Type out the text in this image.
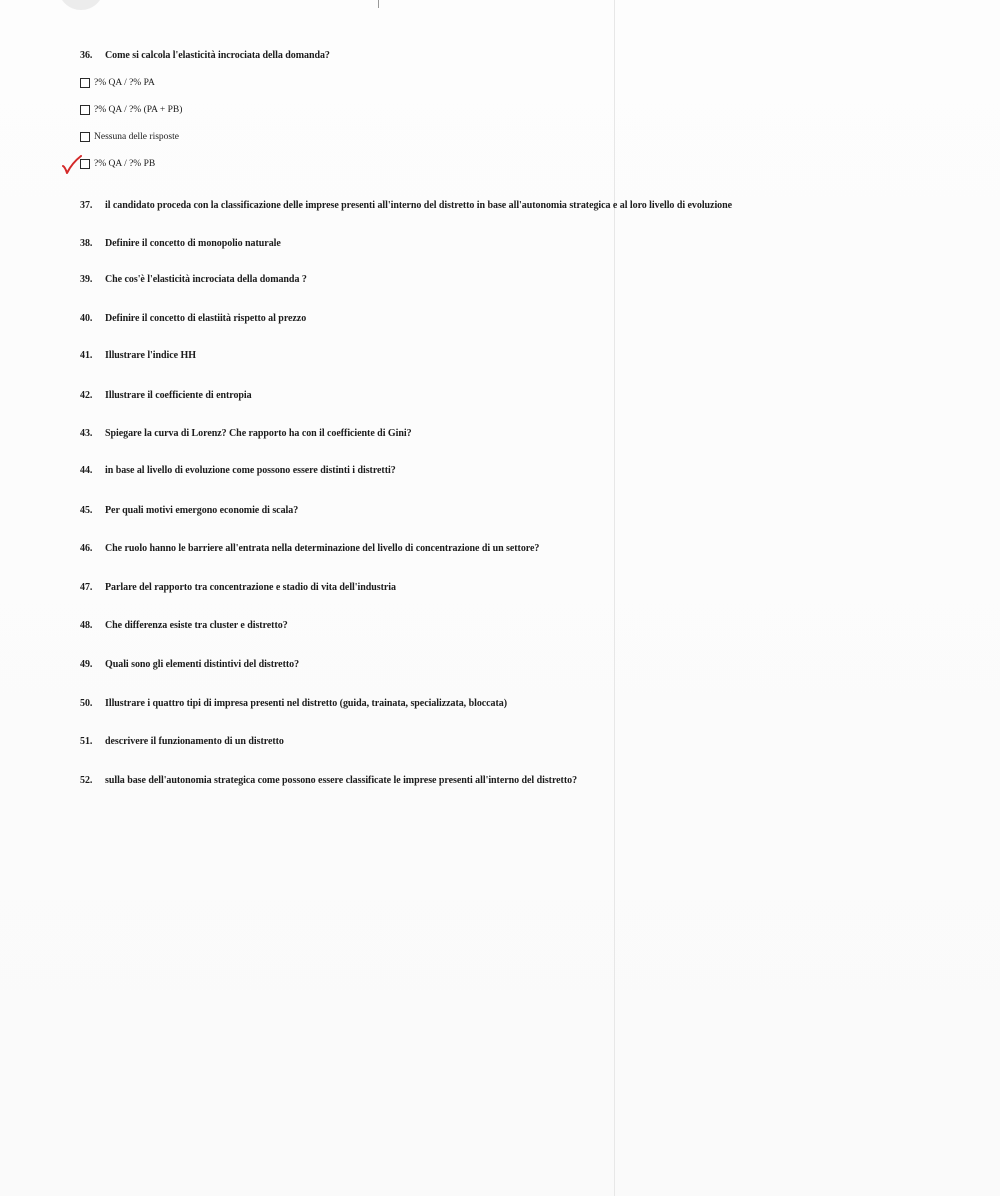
36. Come si calcola l'elasticità incrociata della domanda?
?% QA / ?% PA
?% QA / ?% (PA + PB)
Nessuna delle risposte
?% QA / ?% PB
37. il candidato proceda con la classificazione delle imprese presenti all'interno del distretto in base all'autonomia strategica e al loro livello di evoluzione
38. Definire il concetto di monopolio naturale
39. Che cos'è l'elasticità incrociata della domanda ?
40. Definire il concetto di elastiità rispetto al prezzo
41. Illustrare l'indice HH
42. Illustrare il coefficiente di entropia
43. Spiegare la curva di Lorenz? Che rapporto ha con il coefficiente di Gini?
44. in base al livello di evoluzione come possono essere distinti i distretti?
45. Per quali motivi emergono economie di scala?
46. Che ruolo hanno le barriere all'entrata nella determinazione del livello di concentrazione di un settore?
47. Parlare del rapporto tra concentrazione e stadio di vita dell'industria
48. Che differenza esiste tra cluster e distretto?
49. Quali sono gli elementi distintivi del distretto?
50. Illustrare i quattro tipi di impresa presenti nel distretto (guida, trainata, specializzata, bloccata)
51. descrivere il funzionamento di un distretto
52. sulla base dell'autonomia strategica come possono essere classificate le imprese presenti all'interno del distretto?
